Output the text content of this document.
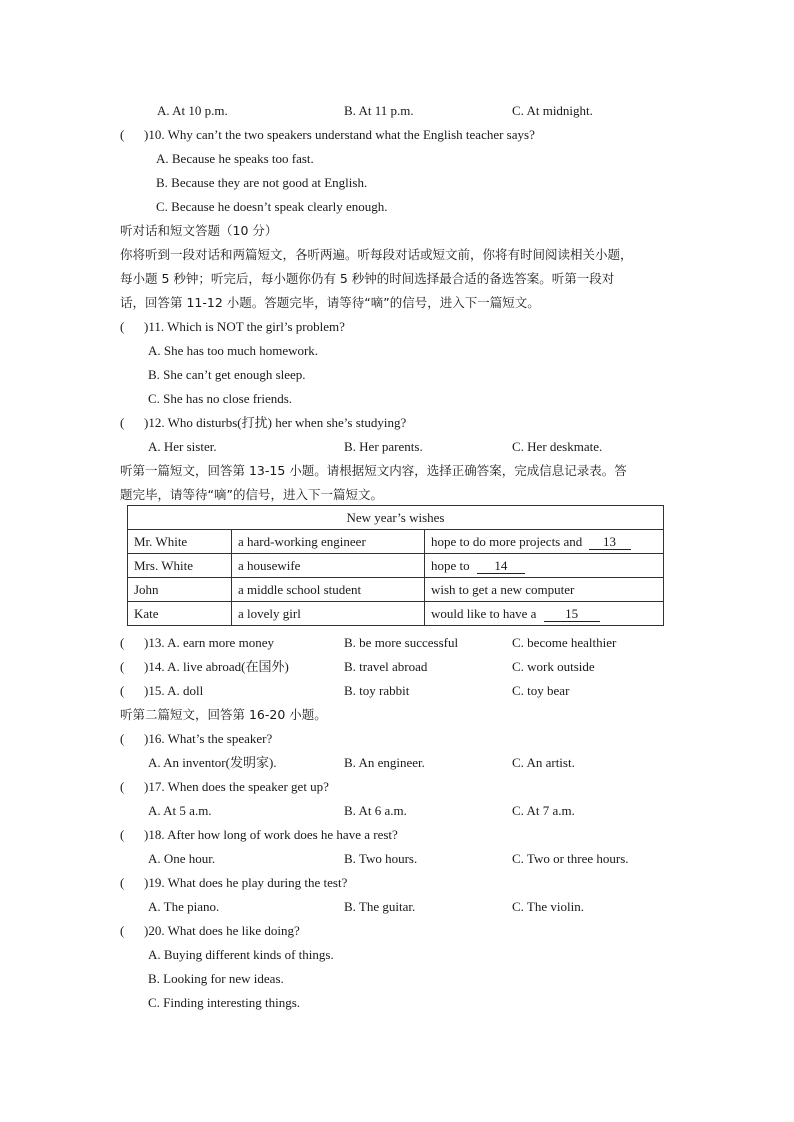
A. At 10 p.m.	B. At 11 p.m.	C. At midnight.
( )10. Why can’t the two speakers understand what the English teacher says?
A. Because he speaks too fast.
B. Because they are not good at English.
C. Because he doesn’t speak clearly enough.
听对话和短文答题（10 分）
你将听到一段对话和两篇短文，各听两遍。听每段对话或短文前，你将有时间阅读相关小题，
每小题 5 秒钟；听完后，每小题你仍有 5 秒钟的时间选择最合适的备选答案。听第一段对
话，回答第 11-12 小题。答题完毕，请等待“嘀”的信号，进入下一篇短文。
( )11. Which is NOT the girl’s problem?
A. She has too much homework.
B. She can’t get enough sleep.
C. She has no close friends.
( )12. Who disturbs(打扰) her when she’s studying?
A. Her sister.	B. Her parents.	C. Her deskmate.
听第一篇短文，回答第 13-15 小题。请根据短文内容，选择正确答案，完成信息记录表。答
题完毕，请等待“嘀”的信号，进入下一篇短文。
New year’s wishes		
Mr. White	a hard-working engineer	hope to do more projects and 13
Mrs. White	a housewife	hope to 14
John	a middle school student	wish to get a new computer
Kate	a lovely girl	would like to have a 15
( )13. A. earn more money	B. be more successful	C. become healthier
( )14. A. live abroad(在国外)	B. travel abroad	C. work outside
( )15. A. doll	B. toy rabbit	C. toy bear
听第二篇短文，回答第 16-20 小题。
( )16. What’s the speaker?
A. An inventor(发明家).	B. An engineer.	C. An artist.
( )17. When does the speaker get up?
A. At 5 a.m.	B. At 6 a.m.	C. At 7 a.m.
( )18. After how long of work does he have a rest?
A. One hour.	B. Two hours.	C. Two or three hours.
( )19. What does he play during the test?
A. The piano.	B. The guitar.	C. The violin.
( )20. What does he like doing?
A. Buying different kinds of things.
B. Looking for new ideas.
C. Finding interesting things.
